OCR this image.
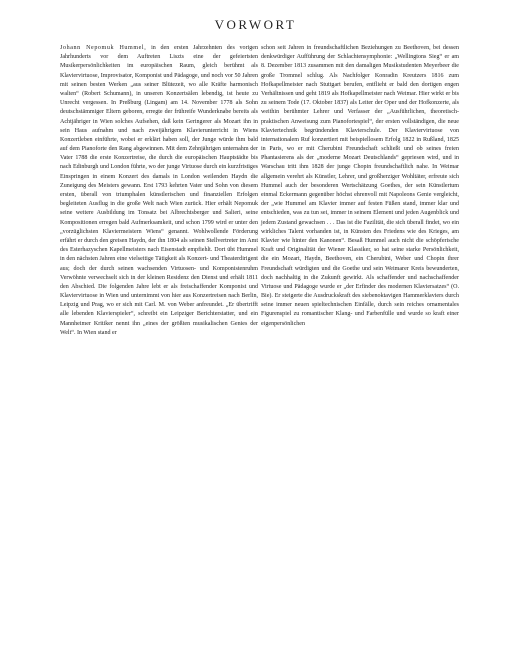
VORWORT

Johann Nepomuk Hummel, in den ersten Jahrzehnten des vorigen Jahrhunderts vor dem Auftreten Liszts eine der gefeiertsten Musikerpersönlichkeiten im europäischen Raum, gleich berühmt als Klaviervirtuose, Improvisator, Komponist und Pädagoge, und noch vor 50 Jahren mit seinen besten Werken „aus seiner Blütezeit, wo alle Kräfte harmonisch walten“ (Robert Schumann), in unseren Konzertsälen lebendig, ist heute zu Unrecht vergessen. In Preßburg (Lingam) am 14. November 1778 als Sohn deutschstämmiger Eltern geboren, erregte der frühreife Wunderknabe bereits als Achtjähriger in Wien solches Aufsehen, daß kein Geringerer als Mozart ihn in sein Haus aufnahm und nach zweijährigem Klavierunterricht in Wiens Konzertleben einführte, wobei er erklärt haben soll, der Junge würde ihm bald auf dem Pianoforte den Rang abgewinnen. Mit dem Zehnjährigen unternahm der Vater 1788 die erste Konzertreise, die durch die europäischen Hauptstädte bis nach Edinburgh und London führte, wo der junge Virtuose durch ein kurzfristiges Einspringen in einem Konzert des damals in London weilenden Haydn die Zuneigung des Meisters gewann. Erst 1793 kehrten Vater und Sohn von diesem ersten, überall von triumphalen künstlerischen und finanziellen Erfolgen begleiteten Ausflug in die große Welt nach Wien zurück. Hier erhält Nepomuk seine weitere Ausbildung im Tonsatz bei Albrechtsberger und Salieri, seine Kompositionen erregen bald Aufmerksamkeit, und schon 1799 wird er unter den „vorzüglichsten Klaviermeistern Wiens“ genannt. Wohlwollende Förderung erfährt er durch den greisen Haydn, der ihn 1804 als seinen Stellvertreter im Amt des Esterhazyschen Kapellmeisters nach Eisenstadt empfiehlt. Dort übt Hummel in den nächsten Jahren eine vielseitige Tätigkeit als Konzert- und Theaterdirigent aus; doch der durch seinen wachsenden Virtuosen- und Komponistenruhm Verwöhnte verwechselt sich in der kleinen Residenz den Dienst und erhält 1811 den Abschied. Die folgenden Jahre lebt er als freischaffender Komponist und Klaviervirtuose in Wien und unternimmt von hier aus Konzertreisen nach Berlin, Leipzig und Prag, wo er sich mit Carl. M. von Weber anfreundet. „Er übertrifft alle lebenden Klavierspieler“, schreibt ein Leipziger Berichterstatter, und ein Mannheimer Kritiker nennt ihn „eines der größten musikalischen Genies der Welt“. In Wien stand er

schon seit Jahren in freundschaftlichen Beziehungen zu Beethoven, bei dessen denkwürdiger Aufführung der Schlachtensymphonie: „Wellingtons Sieg“ er am 8. Dezember 1813 zusammen mit den damaligen Musikstudenten Meyerbeer die große Trommel schlug. Als Nachfolger Konradin Kreutzers 1816 zum Hofkapellmeister nach Stuttgart berufen, entflieht er bald den dortigen engen Verhältnissen und geht 1819 als Hofkapellmeister nach Weimar. Hier wirkt er bis zu seinem Tode (17. Oktober 1837) als Leiter der Oper und der Hofkonzerte, als weithin berühmter Lehrer und Verfasser der „Ausführlichen, theoretisch-praktischen Anweisung zum Pianofortespiel“, der ersten vollständigen, die neue Klaviertechnik begründenden Klavierschule. Der Klaviervirtuose von internationalem Ruf konzertiert mit beispiellosem Erfolg 1822 in Rußland, 1825 in Paris, wo er mit Cherubini Freundschaft schließt und ob seines freien Phantasierens als der „moderne Mozart Deutschlands“ gepriesen wird, und in Warschau tritt ihm 1828 der junge Chopin freundschaftlich nahe. In Weimar allgemein verehrt als Künstler, Lehrer, und großherziger Wohltäter, erfreute sich Hummel auch der besonderen Wertschätzung Goethes, der sein Künstlertum einmal Eckermann gegenüber höchst ehrenvoll mit Napoleons Genie vergleicht, der „wie Hummel am Klavier immer auf festen Füßen stand, immer klar und entschieden, was zu tun sei, immer in seinem Element und jeden Augenblick und jedem Zustand gewachsen . . . Das ist die Fazilität, die sich überall findet, wo ein wirkliches Talent vorhanden ist, in Künsten des Friedens wie des Krieges, am Klavier wie hinter den Kanonen“. Besaß Hummel auch nicht die schöpferische Kraft und Originalität der Wiener Klassiker, so hat seine starke Persönlichkeit, die ein Mozart, Haydn, Beethoven, ein Cherubini, Weber und Chopin ihrer Freundschaft würdigten und die Goethe und sein Weimarer Kreis bewunderten, doch nachhaltig in die Zukunft gewirkt. Als schaffender und nachschaffender Virtuose und Pädagoge wurde er „der Erfinder des modernen Klaviersatzes“ (O. Bie). Er steigerte die Ausdruckskraft des siebenoktavigen Hammerklaviers durch seine immer neuen spieltechnischen Einfälle, durch sein reiches ornamentales Figurenspiel zu romantischer Klang- und Farbenfülle und wurde so kraft einer eigenpersönlichen
